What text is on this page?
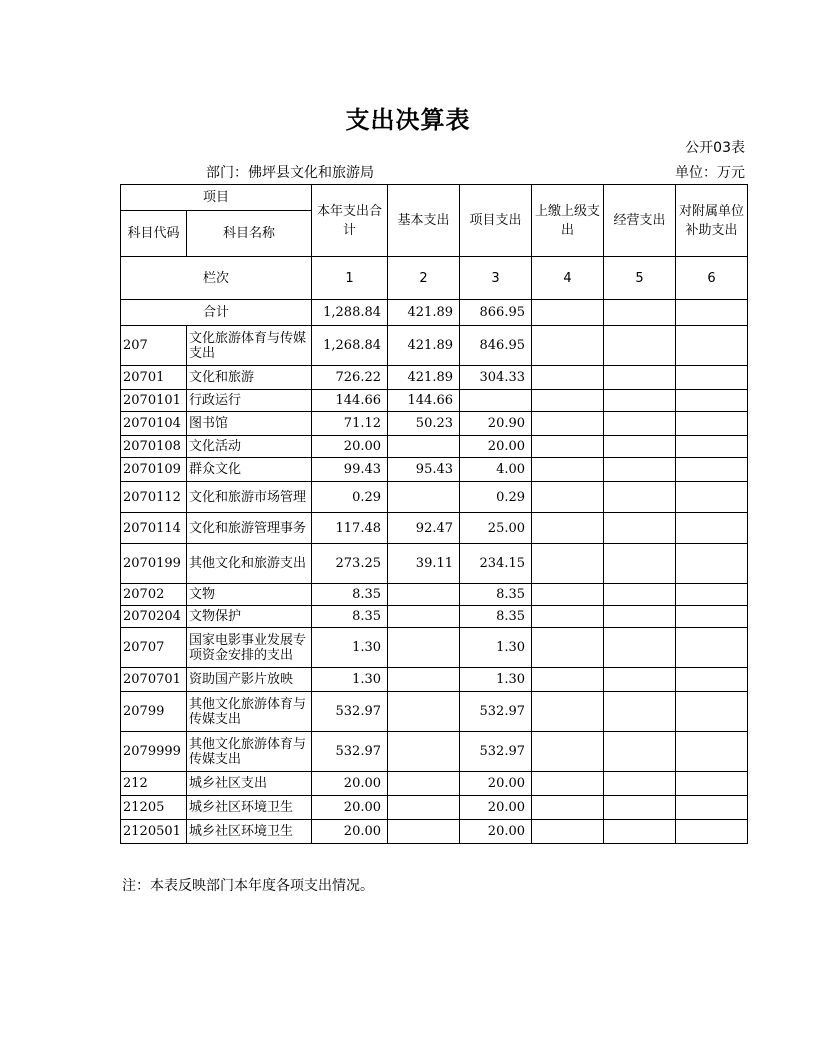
支出决算表
公开03表
部门：佛坪县文化和旅游局	单位：万元
项目		本年支出合计	基本支出	项目支出	上缴上级支出	经营支出	对附属单位补助支出
科目代码	科目名称						
栏次		1	2	3	4	5	6
合计		1,288.84	421.89	866.95			
207	文化旅游体育与传媒支出	1,268.84	421.89	846.95			
20701	文化和旅游	726.22	421.89	304.33			
2070101	行政运行	144.66	144.66				
2070104	图书馆	71.12	50.23	20.90			
2070108	文化活动	20.00		20.00			
2070109	群众文化	99.43	95.43	4.00			
2070112	文化和旅游市场管理	0.29		0.29			
2070114	文化和旅游管理事务	117.48	92.47	25.00			
2070199	其他文化和旅游支出	273.25	39.11	234.15			
20702	文物	8.35		8.35			
2070204	文物保护	8.35		8.35			
20707	国家电影事业发展专项资金安排的支出	1.30		1.30			
2070701	资助国产影片放映	1.30		1.30			
20799	其他文化旅游体育与传媒支出	532.97		532.97			
2079999	其他文化旅游体育与传媒支出	532.97		532.97			
212	城乡社区支出	20.00		20.00			
21205	城乡社区环境卫生	20.00		20.00			
2120501	城乡社区环境卫生	20.00		20.00			
注：本表反映部门本年度各项支出情况。
